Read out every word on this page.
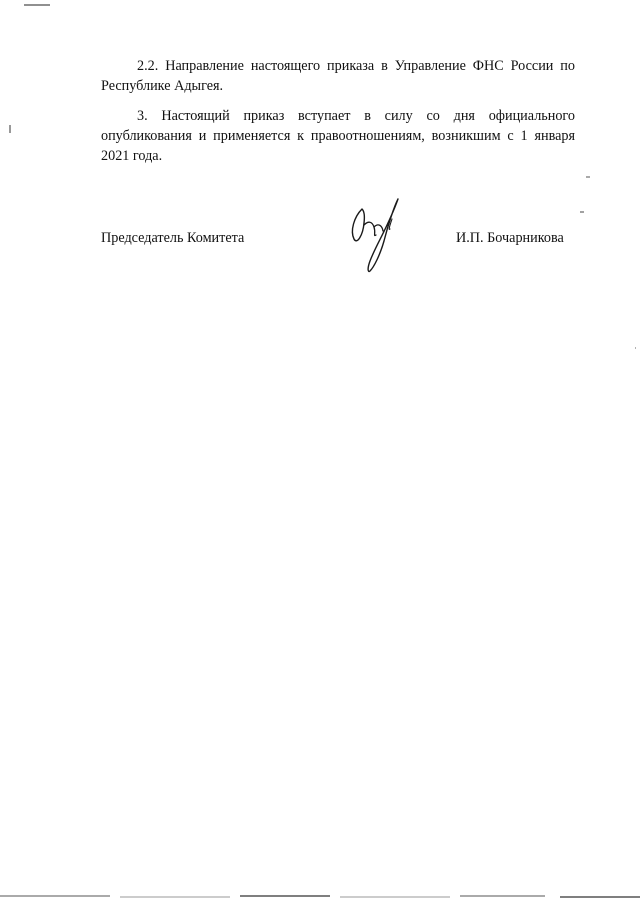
2.2. Направление настоящего приказа в Управление ФНС России по Республике Адыгея.

3. Настоящий приказ вступает в силу со дня официального опубликования и применяется к правоотношениям, возникшим с 1 января 2021 года.

Председатель Комитета	И.П. Бочарникова
